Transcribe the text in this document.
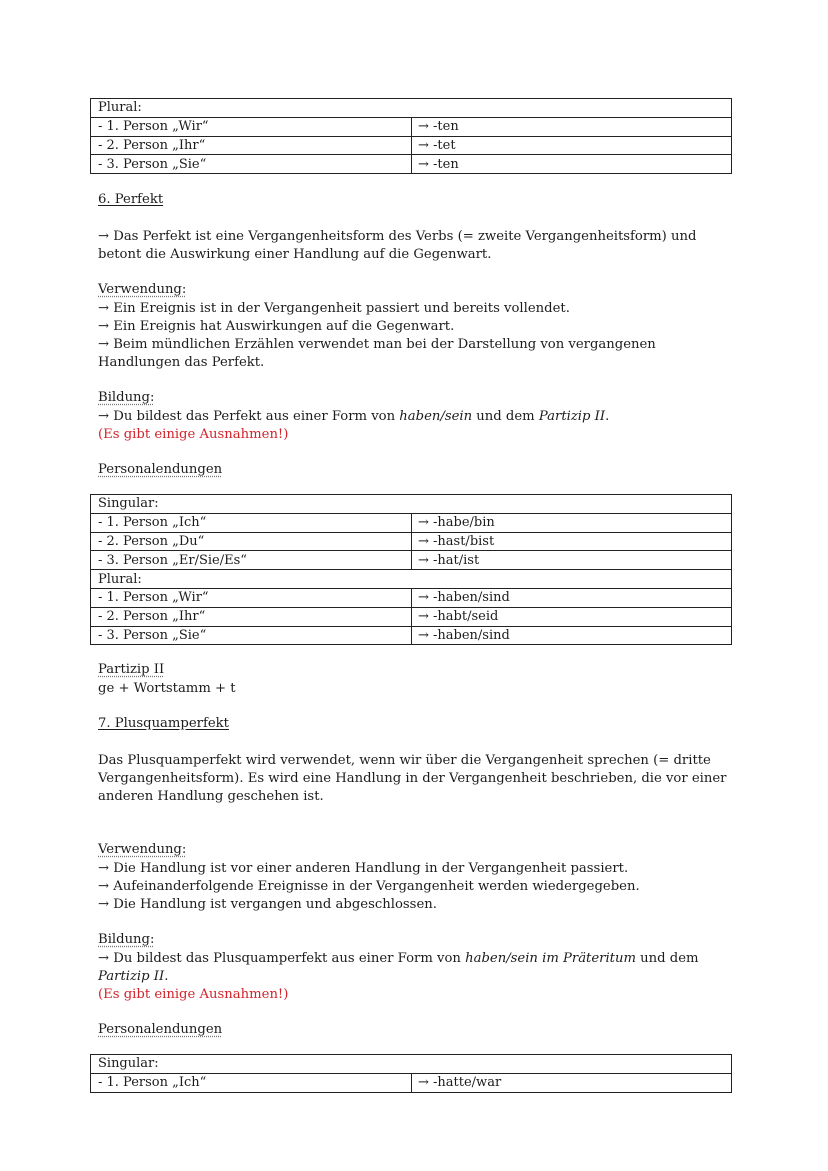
Plural:	
- 1. Person „Wir“	→ -ten
- 2. Person „Ihr“	→ -tet
- 3. Person „Sie“	→ -ten
6. Perfekt
→ Das Perfekt ist eine Vergangenheitsform des Verbs (= zweite Vergangenheitsform) und
betont die Auswirkung einer Handlung auf die Gegenwart.
Verwendung:
→ Ein Ereignis ist in der Vergangenheit passiert und bereits vollendet.
→ Ein Ereignis hat Auswirkungen auf die Gegenwart.
→ Beim mündlichen Erzählen verwendet man bei der Darstellung von vergangenen
Handlungen das Perfekt.
Bildung:
→ Du bildest das Perfekt aus einer Form von haben/sein und dem Partizip II.
(Es gibt einige Ausnahmen!)
Personalendungen
Singular:	
- 1. Person „Ich“	→ -habe/bin
- 2. Person „Du“	→ -hast/bist
- 3. Person „Er/Sie/Es“	→ -hat/ist
Plural:	
- 1. Person „Wir“	→ -haben/sind
- 2. Person „Ihr“	→ -habt/seid
- 3. Person „Sie“	→ -haben/sind
Partizip II
ge + Wortstamm + t
7. Plusquamperfekt
Das Plusquamperfekt wird verwendet, wenn wir über die Vergangenheit sprechen (= dritte
Vergangenheitsform). Es wird eine Handlung in der Vergangenheit beschrieben, die vor einer
anderen Handlung geschehen ist.
Verwendung:
→ Die Handlung ist vor einer anderen Handlung in der Vergangenheit passiert.
→ Aufeinanderfolgende Ereignisse in der Vergangenheit werden wiedergegeben.
→ Die Handlung ist vergangen und abgeschlossen.
Bildung:
→ Du bildest das Plusquamperfekt aus einer Form von haben/sein im Präteritum und dem
Partizip II.
(Es gibt einige Ausnahmen!)
Personalendungen
Singular:
- 1. Person „Ich“	→ -hatte/war
